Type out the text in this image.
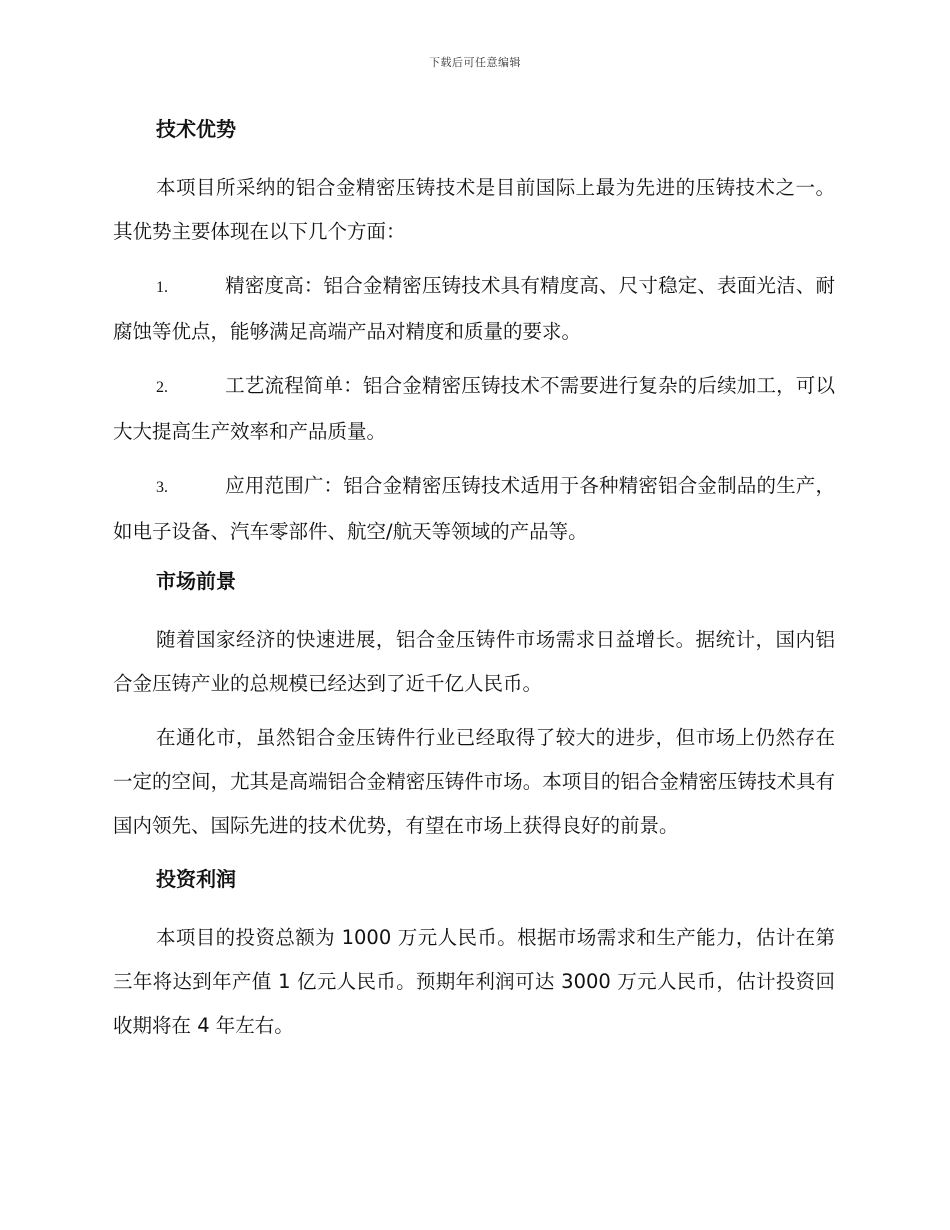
下载后可任意编辑
技术优势

本项目所采纳的铝合金精密压铸技术是目前国际上最为先进的压铸技术之一。其优势主要体现在以下几个方面：

1.	精密度高：铝合金精密压铸技术具有精度高、尺寸稳定、表面光洁、耐腐蚀等优点，能够满足高端产品对精度和质量的要求。

2.	工艺流程简单：铝合金精密压铸技术不需要进行复杂的后续加工，可以大大提高生产效率和产品质量。

3.	应用范围广：铝合金精密压铸技术适用于各种精密铝合金制品的生产，如电子设备、汽车零部件、航空/航天等领域的产品等。

市场前景

随着国家经济的快速进展，铝合金压铸件市场需求日益增长。据统计，国内铝合金压铸产业的总规模已经达到了近千亿人民币。

在通化市，虽然铝合金压铸件行业已经取得了较大的进步，但市场上仍然存在一定的空间，尤其是高端铝合金精密压铸件市场。本项目的铝合金精密压铸技术具有国内领先、国际先进的技术优势，有望在市场上获得良好的前景。

投资利润

本项目的投资总额为 1000 万元人民币。根据市场需求和生产能力，估计在第三年将达到年产值 1 亿元人民币。预期年利润可达 3000 万元人民币，估计投资回收期将在 4 年左右。
